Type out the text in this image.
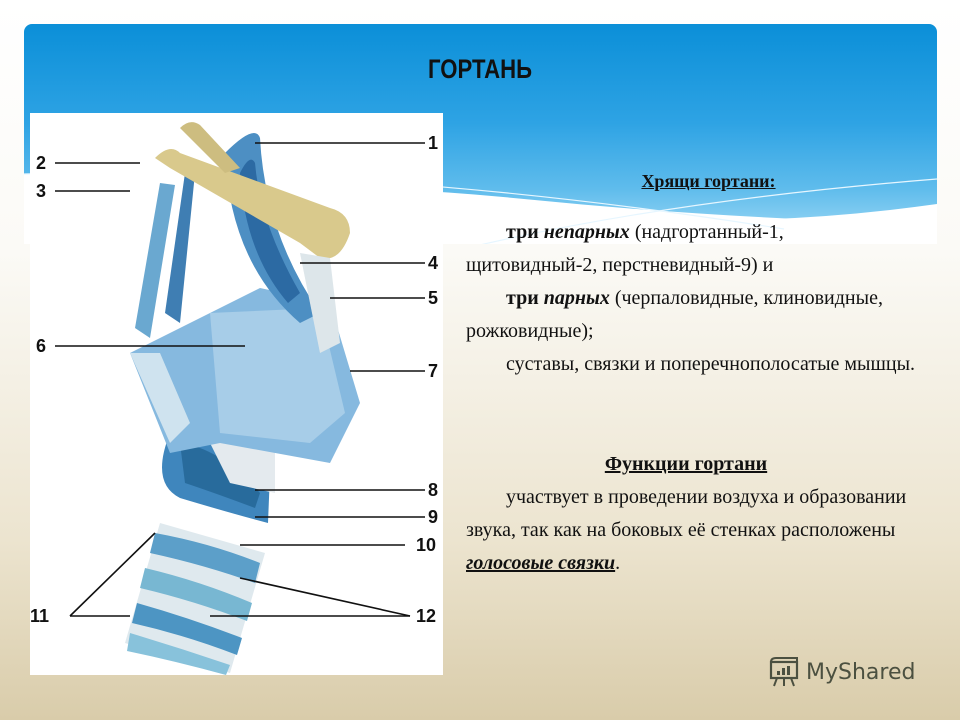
ГОРТАНЬ
1
2
3
4
5
6
7
8
9
10
11	12
Хрящи гортани:
три непарных (надгортанный-1, щитовидный-2, перстневидный-9) и
три парных (черпаловидные, клиновидные, рожковидные);
суставы, связки и поперечнополосатые мышцы.
Функции гортани
участвует в проведении воздуха и образовании звука, так как на боковых её стенках расположены голосовые связки.
MyShared
